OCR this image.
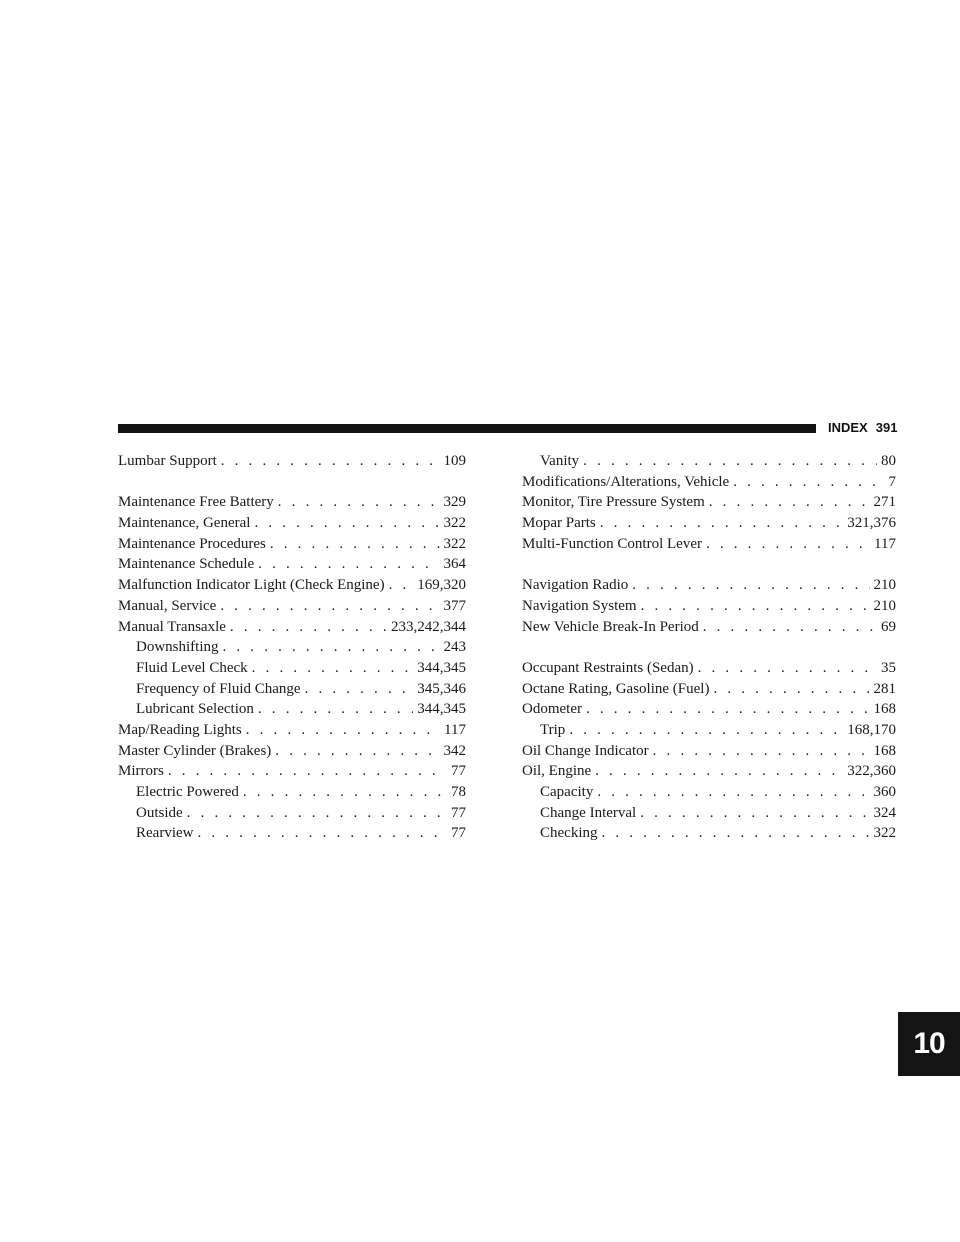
INDEX 391
Lumbar Support . . .	109
Maintenance Free Battery . . .	329
Maintenance, General . . .	322
Maintenance Procedures . . .	322
Maintenance Schedule . . .	364
Malfunction Indicator Light (Check Engine) . . . 169,320
Manual, Service . . .	377
Manual Transaxle . . .	233,242,344
Downshifting . . .	243
Fluid Level Check . . .	344,345
Frequency of Fluid Change . . .	345,346
Lubricant Selection . . .	344,345
Map/Reading Lights . . .	117
Master Cylinder (Brakes) . . .	342
Mirrors . . .	77
Electric Powered . . .	78
Outside . . .	77
Rearview . . .	77
Vanity . . .	80
Modifications/Alterations, Vehicle . . .	7
Monitor, Tire Pressure System . . .	271
Mopar Parts . . .	321,376
Multi-Function Control Lever . . .	117
Navigation Radio . . .	210
Navigation System . . .	210
New Vehicle Break-In Period . . .	69
Occupant Restraints (Sedan) . . .	35
Octane Rating, Gasoline (Fuel) . . .	281
Odometer . . .	168
Trip . . .	168,170
Oil Change Indicator . . .	168
Oil, Engine . . .	322,360
Capacity . . .	360
Change Interval . . .	324
Checking . . .	322
10
